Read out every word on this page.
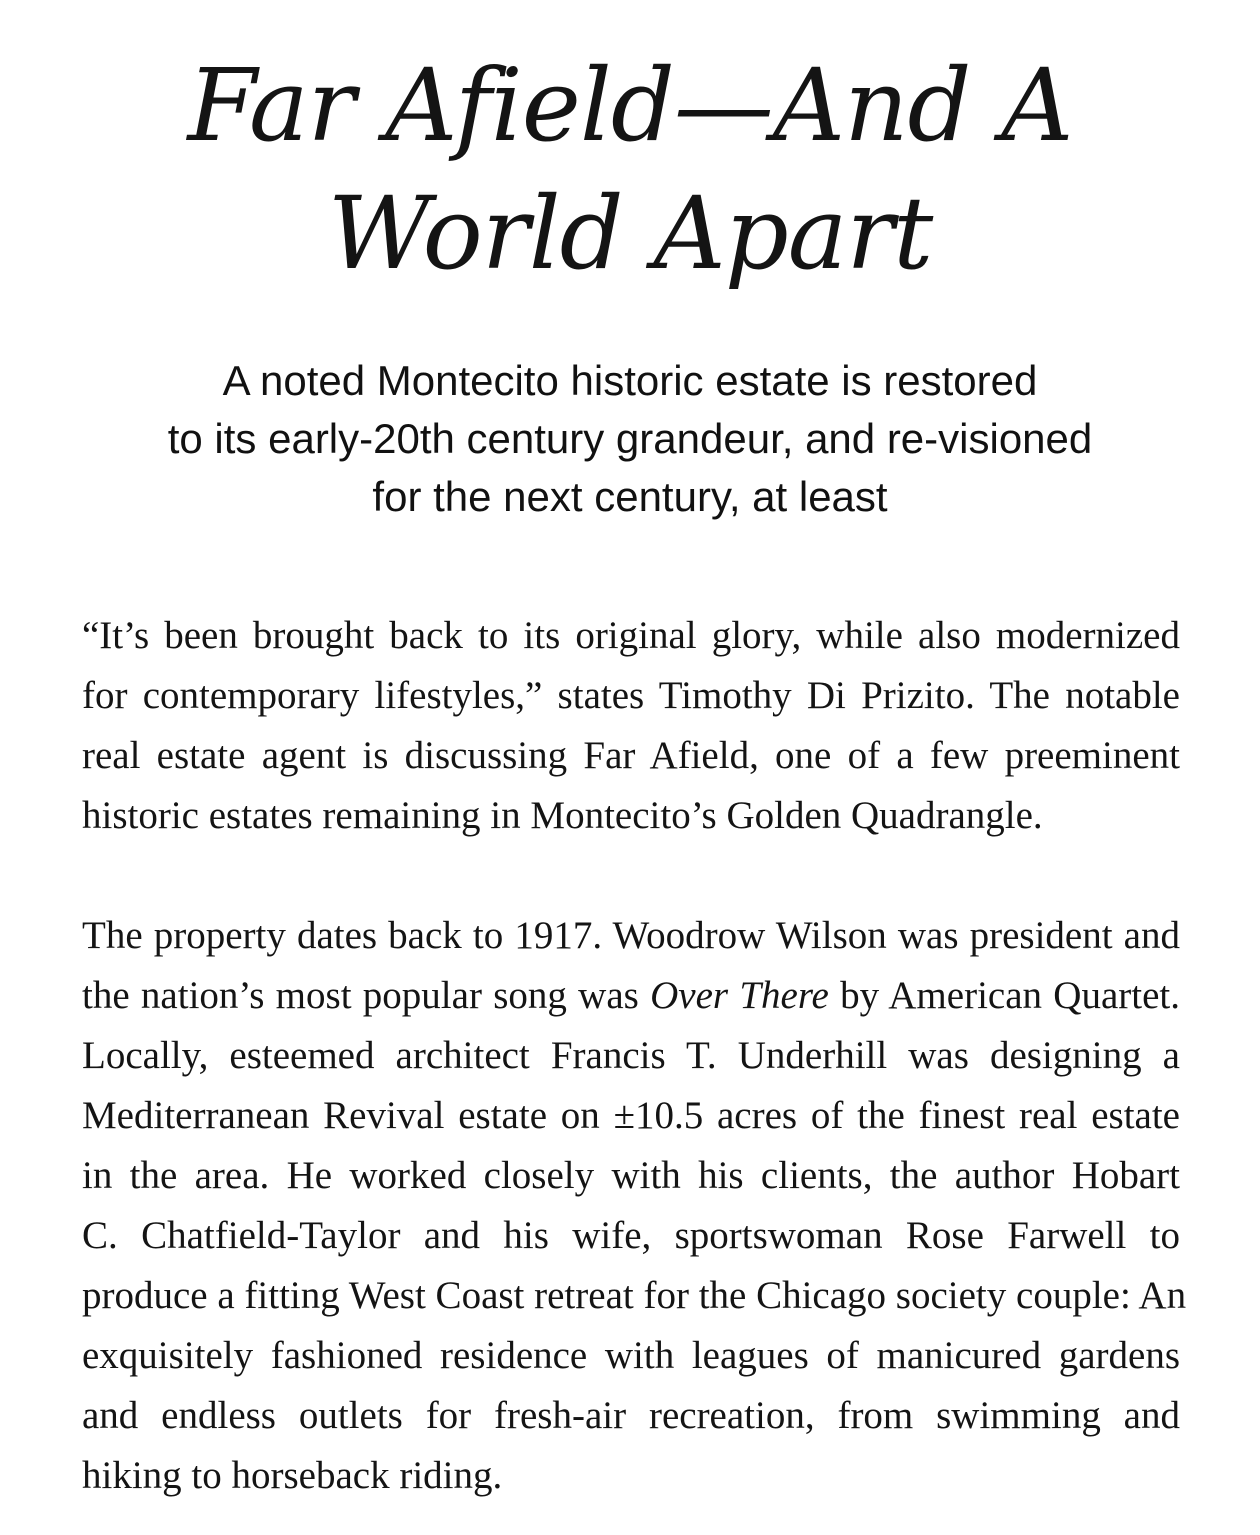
Far Afield—And A
World Apart
A noted Montecito historic estate is restored
to its early-20th century grandeur, and re-visioned
for the next century, at least

“It’s been brought back to its original glory, while also modernized
for contemporary lifestyles,” states Timothy Di Prizito. The notable
real estate agent is discussing Far Afield, one of a few preeminent
historic estates remaining in Montecito’s Golden Quadrangle.

The property dates back to 1917. Woodrow Wilson was president and
the nation’s most popular song was Over There by American Quartet.
Locally, esteemed architect Francis T. Underhill was designing a
Mediterranean Revival estate on ±10.5 acres of the finest real estate
in the area. He worked closely with his clients, the author Hobart
C. Chatfield-Taylor and his wife, sportswoman Rose Farwell to
produce a fitting West Coast retreat for the Chicago society couple: An
exquisitely fashioned residence with leagues of manicured gardens
and endless outlets for fresh-air recreation, from swimming and
hiking to horseback riding.
